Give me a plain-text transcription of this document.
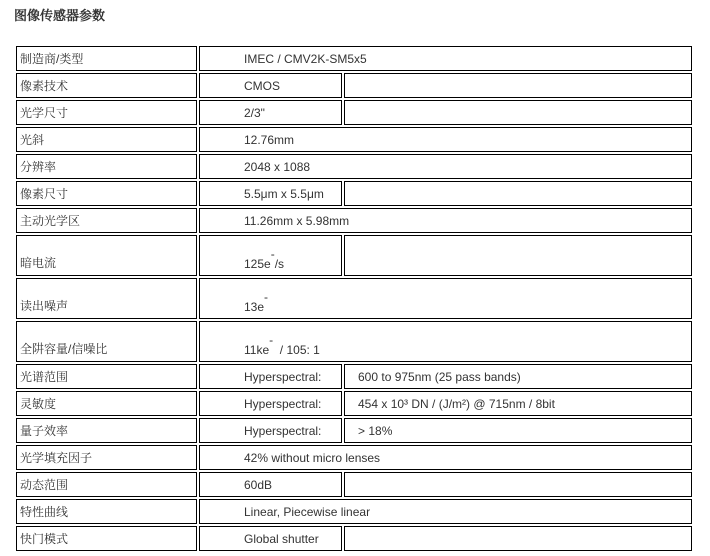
图像传感器参数
制造商/类型	IMEC / CMV2K-SM5x5	
像素技术	CMOS	
光学尺寸	2/3"	
光斜	12.76mm	
分辨率	2048 x 1088	
像素尺寸	5.5μm x 5.5μm	
主动光学区	11.26mm x 5.98mm	
暗电流	125e-/s	
读出噪声	13e-	
全阱容量/信噪比	11ke-  / 105: 1	
光谱范围	Hyperspectral:	600 to 975nm (25 pass bands)
灵敏度	Hyperspectral:	454 x 10³ DN / (J/m²) @ 715nm / 8bit
量子效率	Hyperspectral:	> 18%
光学填充因子	42% without micro lenses	
动态范围	60dB	
特性曲线	Linear, Piecewise linear	
快门模式	Global shutter	
